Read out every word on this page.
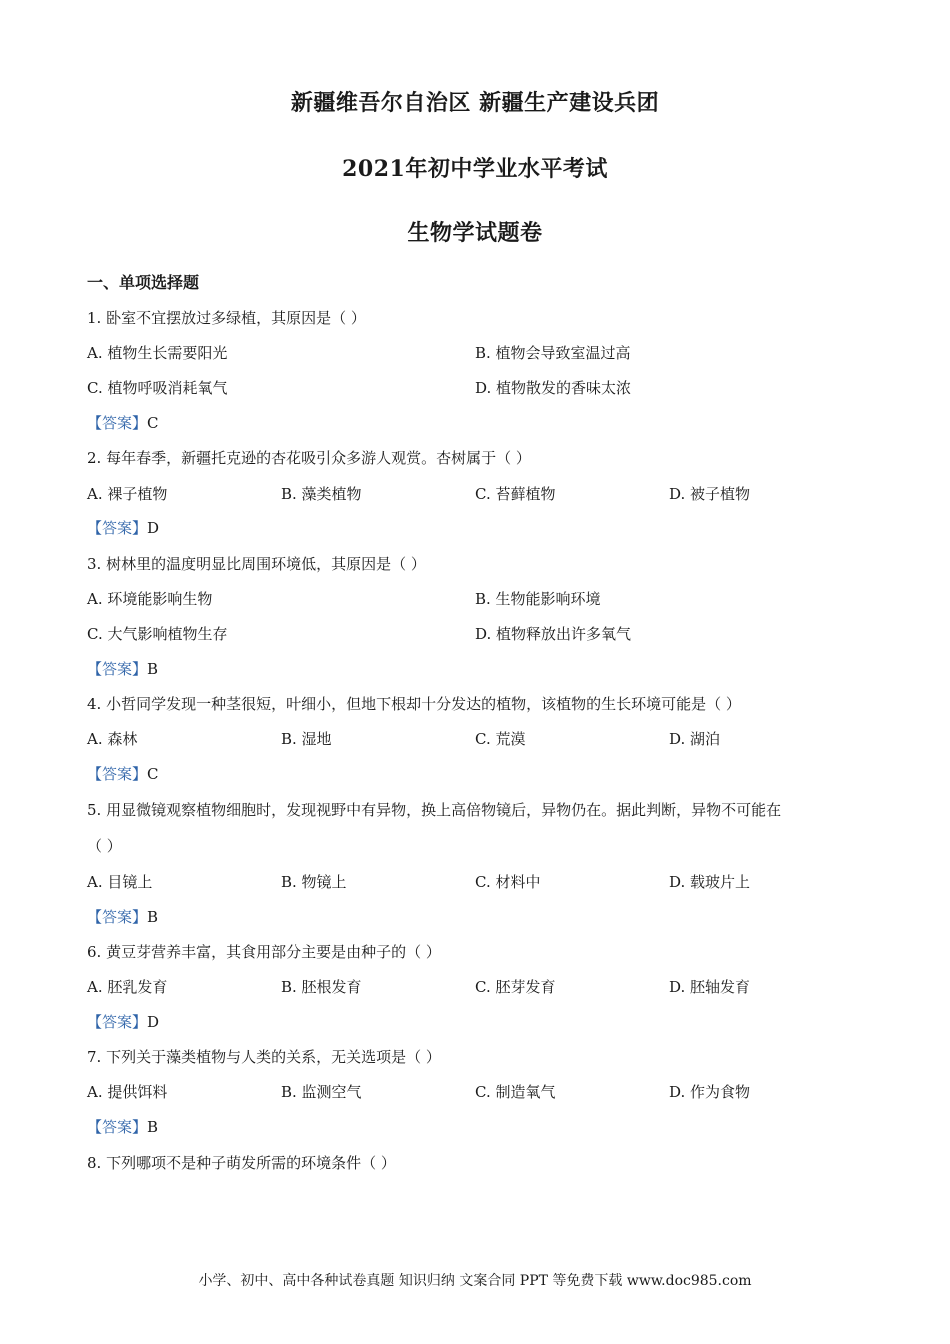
新疆维吾尔自治区 新疆生产建设兵团
2021年初中学业水平考试
生物学试题卷
一、单项选择题
1. 卧室不宜摆放过多绿植，其原因是（ ）
A. 植物生长需要阳光	B. 植物会导致室温过高
C. 植物呼吸消耗氧气	D. 植物散发的香味太浓
【答案】C
2. 每年春季，新疆托克逊的杏花吸引众多游人观赏。杏树属于（ ）
A. 裸子植物	B. 藻类植物	C. 苔藓植物	D. 被子植物
【答案】D
3. 树林里的温度明显比周围环境低，其原因是（ ）
A. 环境能影响生物	B. 生物能影响环境
C. 大气影响植物生存	D. 植物释放出许多氧气
【答案】B
4. 小哲同学发现一种茎很短，叶细小，但地下根却十分发达的植物，该植物的生长环境可能是（ ）
A. 森林	B. 湿地	C. 荒漠	D. 湖泊
【答案】C
5. 用显微镜观察植物细胞时，发现视野中有异物，换上高倍物镜后，异物仍在。据此判断，异物不可能在
（ ）
A. 目镜上	B. 物镜上	C. 材料中	D. 载玻片上
【答案】B
6. 黄豆芽营养丰富，其食用部分主要是由种子的（ ）
A. 胚乳发育	B. 胚根发育	C. 胚芽发育	D. 胚轴发育
【答案】D
7. 下列关于藻类植物与人类的关系，无关选项是（ ）
A. 提供饵料	B. 监测空气	C. 制造氧气	D. 作为食物
【答案】B
8. 下列哪项不是种子萌发所需的环境条件（ ）
小学、初中、高中各种试卷真题 知识归纳 文案合同 PPT 等免费下载 www.doc985.com
